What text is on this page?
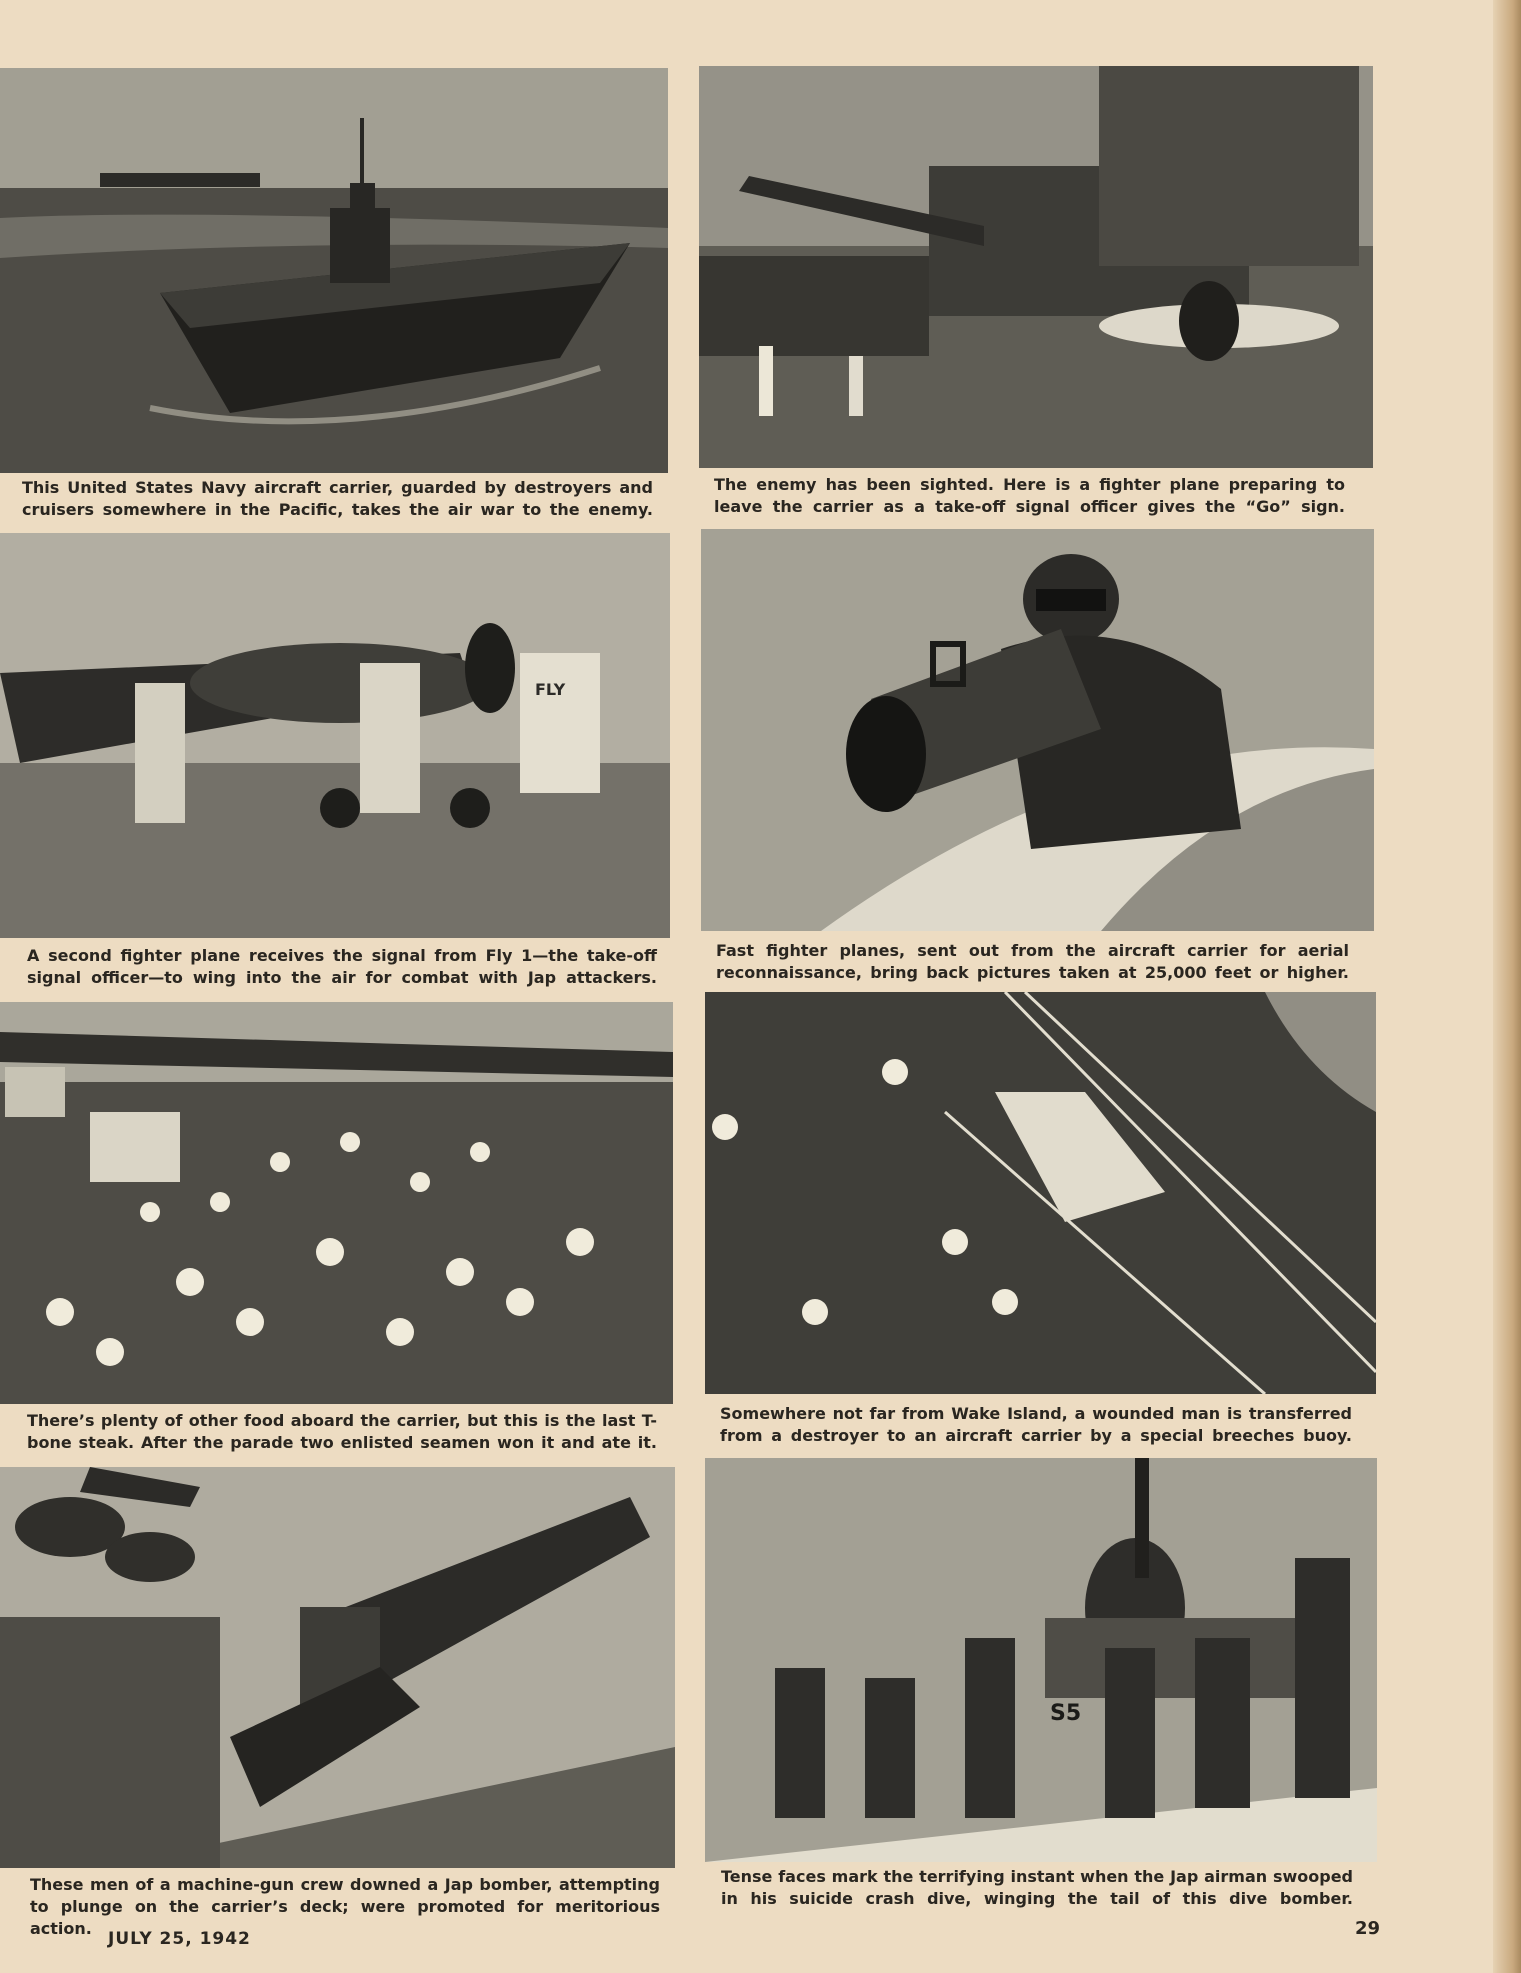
This United States Navy aircraft carrier, guarded by destroyers and cruisers somewhere in the Pacific, takes the air war to the enemy.

The enemy has been sighted. Here is a fighter plane preparing to leave the carrier as a take-off signal officer gives the “Go” sign.

FLY

A second fighter plane receives the signal from Fly 1—the take-off signal officer—to wing into the air for combat with Jap attackers.

Fast fighter planes, sent out from the aircraft carrier for aerial reconnaissance, bring back pictures taken at 25,000 feet or higher.

There’s plenty of other food aboard the carrier, but this is the last T-bone steak. After the parade two enlisted seamen won it and ate it.

Somewhere not far from Wake Island, a wounded man is transferred from a destroyer to an aircraft carrier by a special breeches buoy.

These men of a machine-gun crew downed a Jap bomber, attempting to plunge on the carrier’s deck; were promoted for meritorious action.

S5

Tense faces mark the terrifying instant when the Jap airman swooped in his suicide crash dive, winging the tail of this dive bomber.

JULY 25, 1942	29
